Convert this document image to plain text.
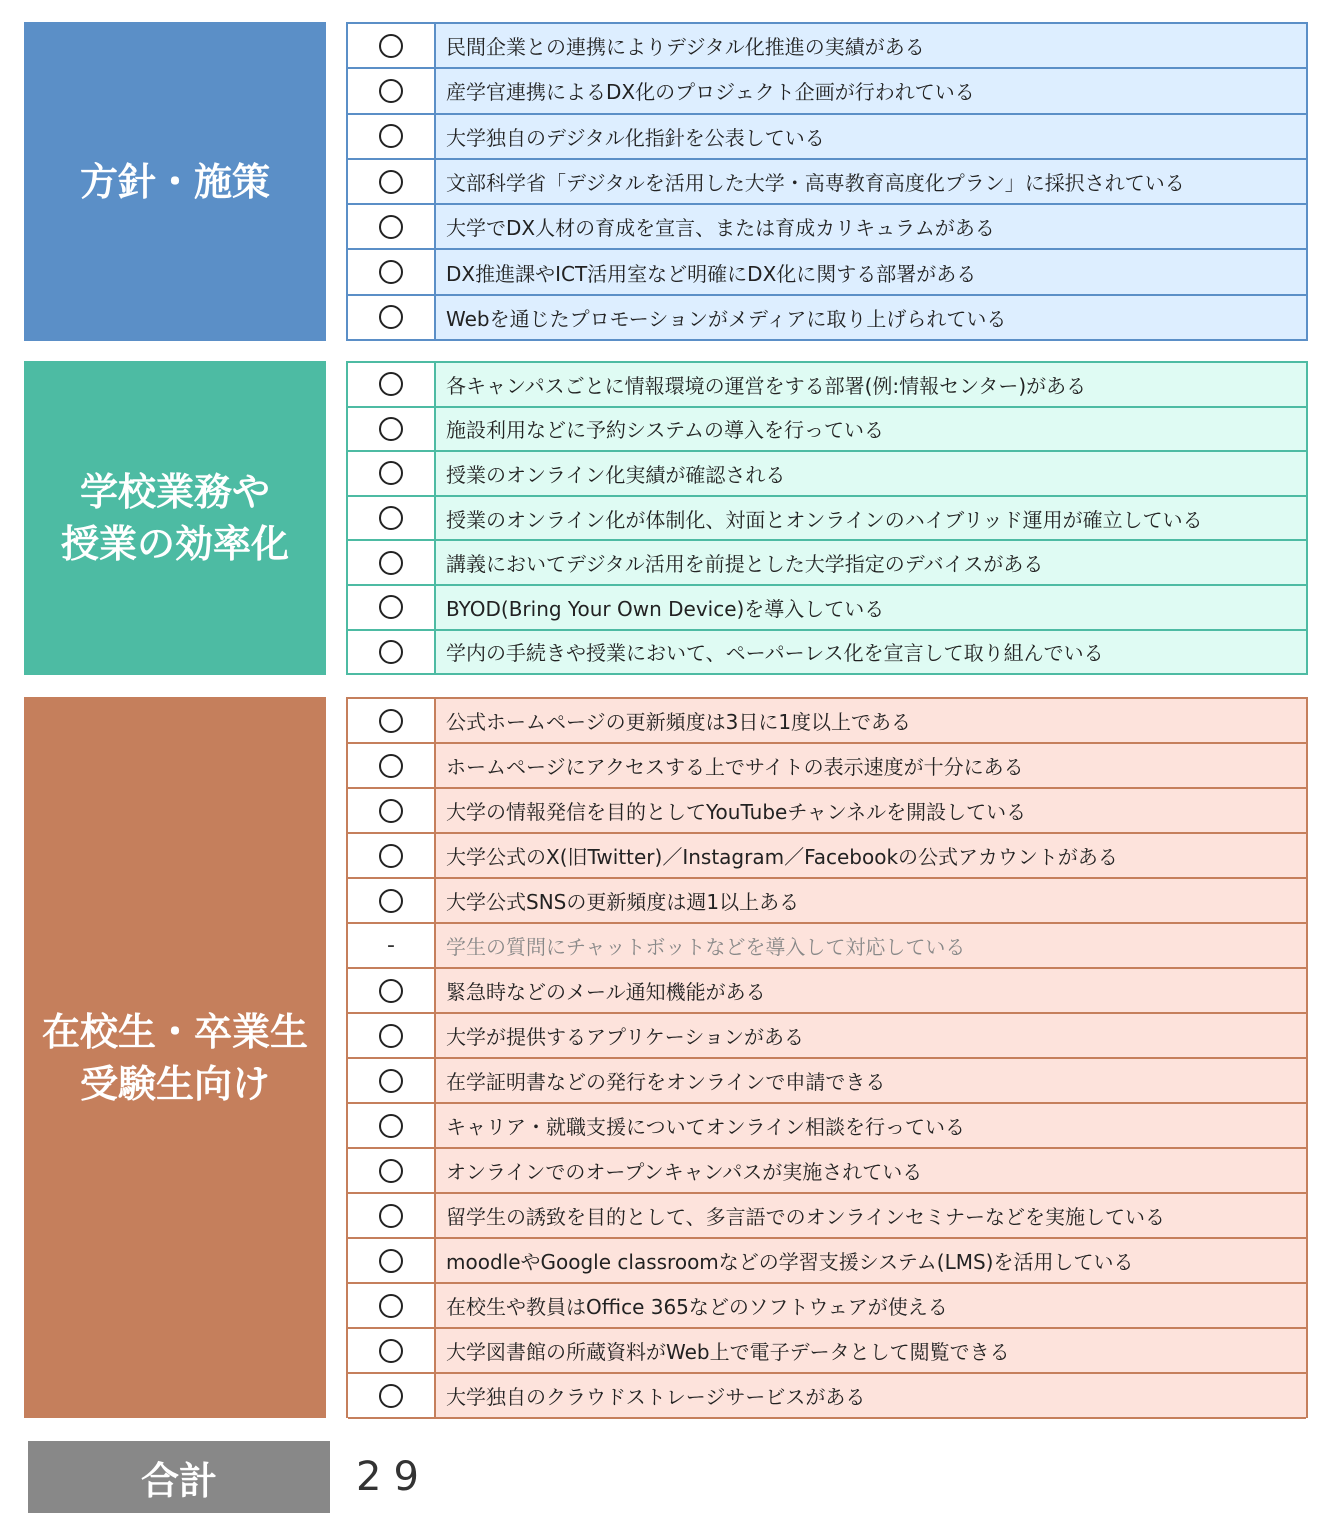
方針・施策
民間企業との連携によりデジタル化推進の実績がある
産学官連携によるDX化のプロジェクト企画が行われている
大学独自のデジタル化指針を公表している
文部科学省「デジタルを活用した大学・高専教育高度化プラン」に採択されている
大学でDX人材の育成を宣言、または育成カリキュラムがある
DX推進課やICT活用室など明確にDX化に関する部署がある
Webを通じたプロモーションがメディアに取り上げられている
学校業務や
授業の効率化
各キャンパスごとに情報環境の運営をする部署(例:情報センター)がある
施設利用などに予約システムの導入を行っている
授業のオンライン化実績が確認される
授業のオンライン化が体制化、対面とオンラインのハイブリッド運用が確立している
講義においてデジタル活用を前提とした大学指定のデバイスがある
BYOD(Bring Your Own Device)を導入している
学内の手続きや授業において、ペーパーレス化を宣言して取り組んでいる
在校生・卒業生
受験生向け
公式ホームページの更新頻度は3日に1度以上である
ホームページにアクセスする上でサイトの表示速度が十分にある
大学の情報発信を目的としてYouTubeチャンネルを開設している
大学公式のX(旧Twitter)／Instagram／Facebookの公式アカウントがある
大学公式SNSの更新頻度は週1以上ある
-	学生の質問にチャットボットなどを導入して対応している
緊急時などのメール通知機能がある
大学が提供するアプリケーションがある
在学証明書などの発行をオンラインで申請できる
キャリア・就職支援についてオンライン相談を行っている
オンラインでのオープンキャンパスが実施されている
留学生の誘致を目的として、多言語でのオンラインセミナーなどを実施している
moodleやGoogle classroomなどの学習支援システム(LMS)を活用している
在校生や教員はOffice 365などのソフトウェアが使える
大学図書館の所蔵資料がWeb上で電子データとして閲覧できる
大学独自のクラウドストレージサービスがある
合計	29
